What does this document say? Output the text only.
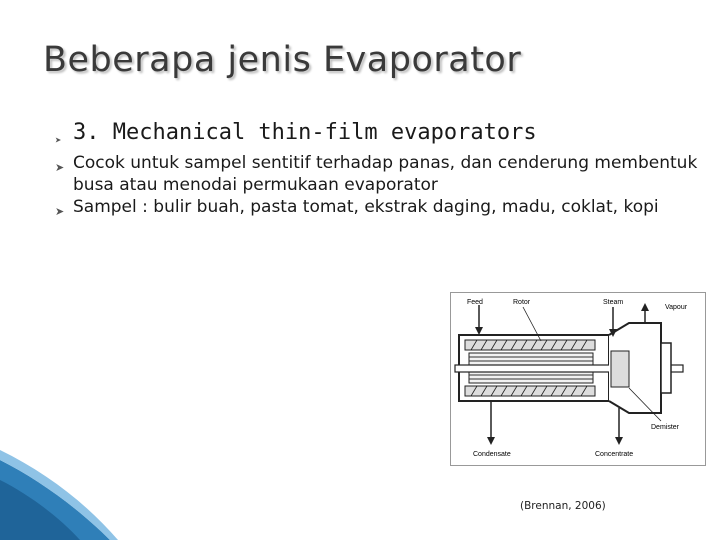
Beberapa jenis Evaporator
➤ 3. Mechanical thin-film evaporators
➤ Cocok untuk sampel sentitif terhadap panas, dan cenderung membentuk busa atau menodai permukaan evaporator
➤ Sampel : bulir buah, pasta tomat, ekstrak daging, madu, coklat, kopi
Feed	Rotor	Steam
Vapour
Demister
Condensate	Concentrate
(Brennan, 2006)
